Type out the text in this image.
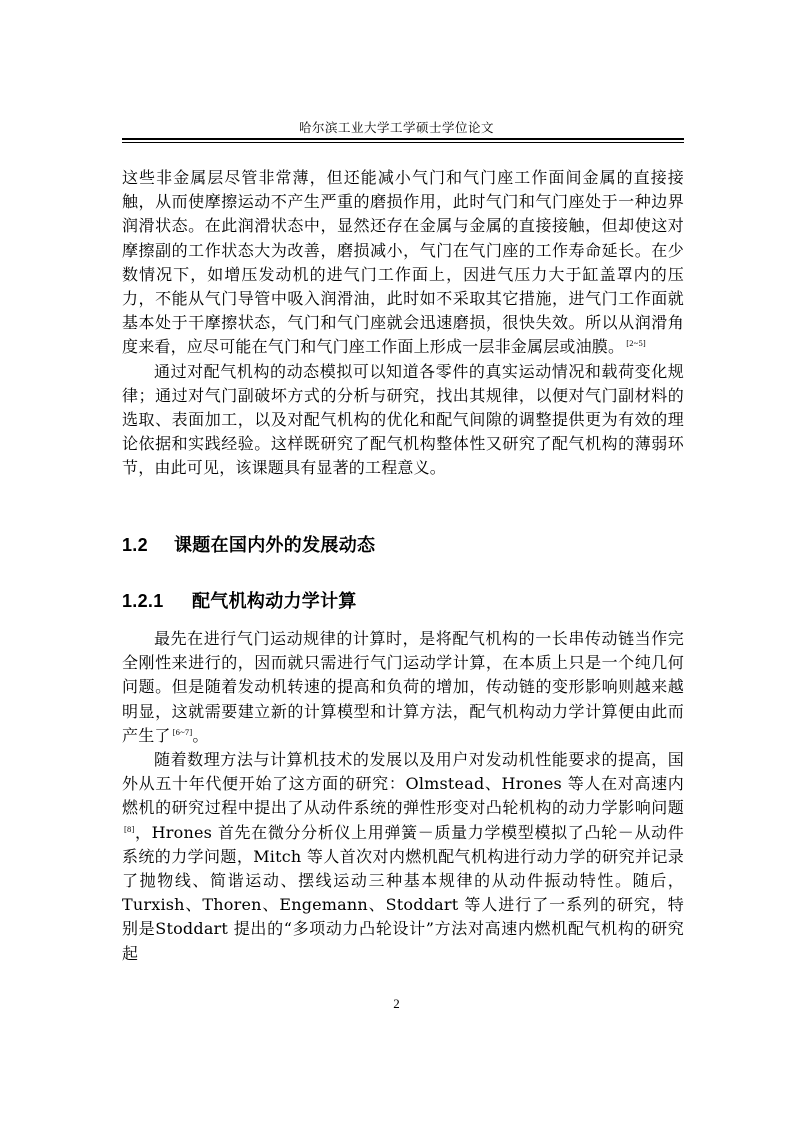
哈尔滨工业大学工学硕士学位论文

这些非金属层尽管非常薄，但还能减小气门和气门座工作面间金属的直接接触，从而使摩擦运动不产生严重的磨损作用，此时气门和气门座处于一种边界润滑状态。在此润滑状态中，显然还存在金属与金属的直接接触，但却使这对摩擦副的工作状态大为改善，磨损减小，气门在气门座的工作寿命延长。在少数情况下，如增压发动机的进气门工作面上，因进气压力大于缸盖罩内的压力，不能从气门导管中吸入润滑油，此时如不采取其它措施，进气门工作面就基本处于干摩擦状态，气门和气门座就会迅速磨损，很快失效。所以从润滑角度来看，应尽可能在气门和气门座工作面上形成一层非金属层或油膜。 [2~5]

通过对配气机构的动态模拟可以知道各零件的真实运动情况和载荷变化规律；通过对气门副破坏方式的分析与研究，找出其规律，以便对气门副材料的选取、表面加工，以及对配气机构的优化和配气间隙的调整提供更为有效的理论依据和实践经验。这样既研究了配气机构整体性又研究了配气机构的薄弱环节，由此可见，该课题具有显著的工程意义。

1.2 课题在国内外的发展动态
1.2.1 配气机构动力学计算

最先在进行气门运动规律的计算时，是将配气机构的一长串传动链当作完全刚性来进行的，因而就只需进行气门运动学计算，在本质上只是一个纯几何问题。但是随着发动机转速的提高和负荷的增加，传动链的变形影响则越来越明显，这就需要建立新的计算模型和计算方法，配气机构动力学计算便由此而产生了 [6~7]。

随着数理方法与计算机技术的发展以及用户对发动机性能要求的提高，国外从五十年代便开始了这方面的研究：Olmstead、Hrones 等人在对高速内燃机的研究过程中提出了从动件系统的弹性形变对凸轮机构的动力学影响问题[8]，Hrones 首先在微分分析仪上用弹簧－质量力学模型模拟了凸轮－从动件系统的力学问题，Mitch 等人首次对内燃机配气机构进行动力学的研究并记录了抛物线、简谐运动、摆线运动三种基本规律的从动件振动特性。随后，Turxish、Thoren、Engemann、Stoddart 等人进行了一系列的研究，特别是Stoddart 提出的“多项动力凸轮设计”方法对高速内燃机配气机构的研究起

2
